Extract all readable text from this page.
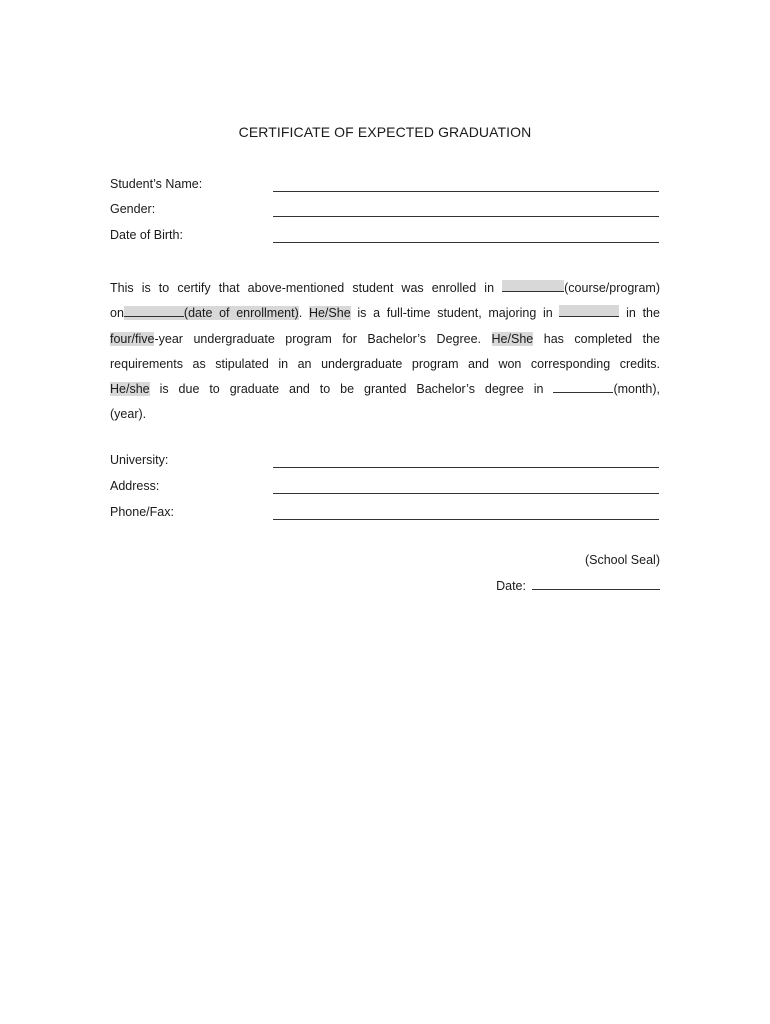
CERTIFICATE OF EXPECTED GRADUATION
Student’s Name:
Gender:
Date of Birth:
This is to certify that above-mentioned student was enrolled in	(course/program)
on	(date of enrollment). He/She is a full-time student, majoring in	in the
four/five-year undergraduate program for Bachelor’s Degree. He/She has completed the
requirements as stipulated in an undergraduate program and won corresponding credits.
He/she is due to graduate and to be granted Bachelor’s degree in	(month),
(year).
University:
Address:
Phone/Fax:
(School Seal)
Date:
